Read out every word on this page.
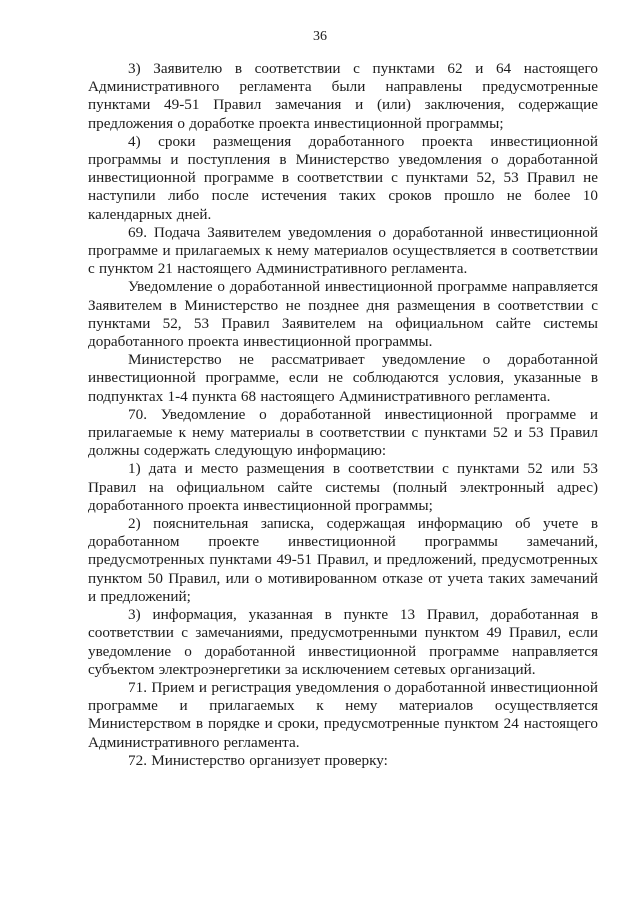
36

3) Заявителю в соответствии с пунктами 62 и 64 настоящего Административного регламента были направлены предусмотренные пунктами 49-51 Правил замечания и (или) заключения, содержащие предложения о доработке проекта инвестиционной программы;

4) сроки размещения доработанного проекта инвестиционной программы и поступления в Министерство уведомления о доработанной инвестиционной программе в соответствии с пунктами 52, 53 Правил не наступили либо после истечения таких сроков прошло не более 10 календарных дней.

69. Подача Заявителем уведомления о доработанной инвестиционной программе и прилагаемых к нему материалов осуществляется в соответствии с пунктом 21 настоящего Административного регламента.

Уведомление о доработанной инвестиционной программе направляется Заявителем в Министерство не позднее дня размещения в соответствии с пунктами 52, 53 Правил Заявителем на официальном сайте системы доработанного проекта инвестиционной программы.

Министерство не рассматривает уведомление о доработанной инвестиционной программе, если не соблюдаются условия, указанные в подпунктах 1-4 пункта 68 настоящего Административного регламента.

70. Уведомление о доработанной инвестиционной программе и прилагаемые к нему материалы в соответствии с пунктами 52 и 53 Правил должны содержать следующую информацию:

1) дата и место размещения в соответствии с пунктами 52 или 53 Правил на официальном сайте системы (полный электронный адрес) доработанного проекта инвестиционной программы;

2) пояснительная записка, содержащая информацию об учете в доработанном проекте инвестиционной программы замечаний, предусмотренных пунктами 49-51 Правил, и предложений, предусмотренных пунктом 50 Правил, или о мотивированном отказе от учета таких замечаний и предложений;

3) информация, указанная в пункте 13 Правил, доработанная в соответствии с замечаниями, предусмотренными пунктом 49 Правил, если уведомление о доработанной инвестиционной программе направляется субъектом электроэнергетики за исключением сетевых организаций.

71. Прием и регистрация уведомления о доработанной инвестиционной программе и прилагаемых к нему материалов осуществляется Министерством в порядке и сроки, предусмотренные пунктом 24 настоящего Административного регламента.

72. Министерство организует проверку:
